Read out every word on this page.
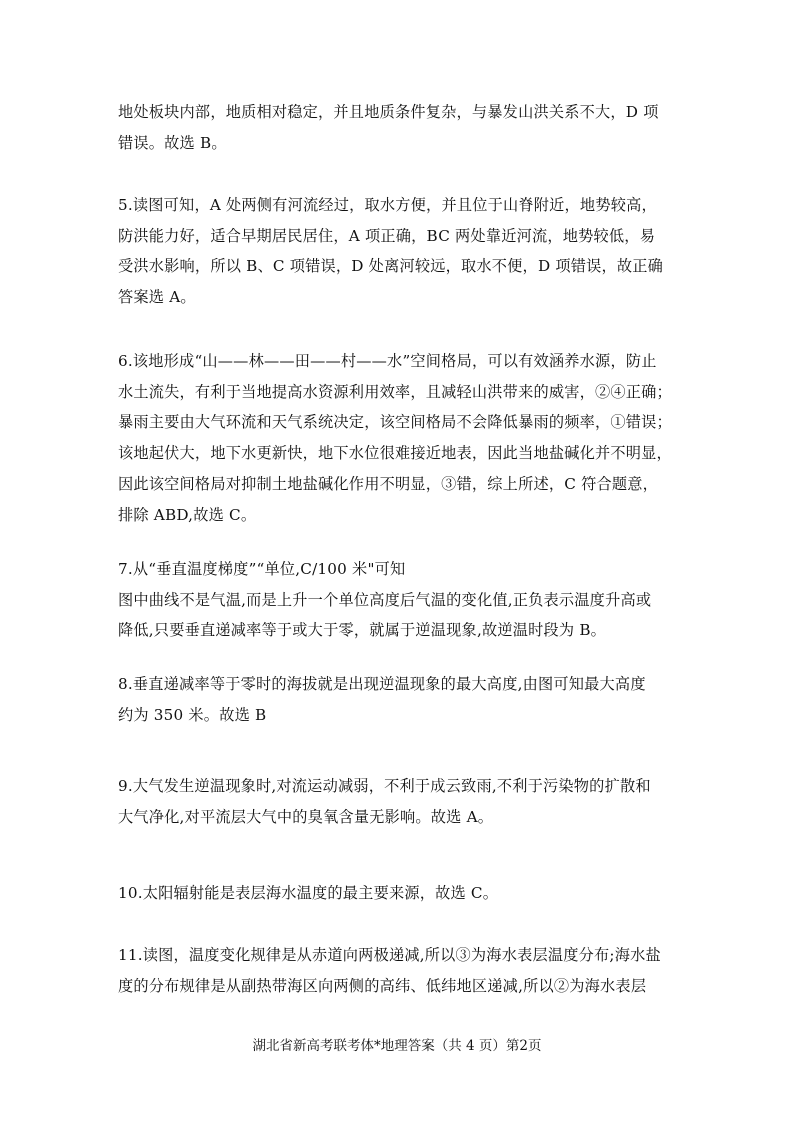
地处板块内部，地质相对稳定，并且地质条件复杂，与暴发山洪关系不大，D 项
错误。故选 B。
5.读图可知，A 处两侧有河流经过，取水方便，并且位于山脊附近，地势较高，
防洪能力好，适合早期居民居住，A 项正确，BC 两处靠近河流，地势较低，易
受洪水影响，所以 B、C 项错误，D 处离河较远，取水不便，D 项错误，故正确
答案选 A。
6.该地形成“山——林——田——村——水”空间格局，可以有效涵养水源，防止
水土流失，有利于当地提高水资源利用效率，且减轻山洪带来的威害，②④正确；
暴雨主要由大气环流和天气系统决定，该空间格局不会降低暴雨的频率，①错误；
该地起伏大，地下水更新快，地下水位很难接近地表，因此当地盐碱化并不明显，
因此该空间格局对抑制土地盐碱化作用不明显，③错，综上所述，C 符合题意，
排除 ABD,故选 C。
7.从“垂直温度梯度”“单位,C/100 米"可知
图中曲线不是气温,而是上升一个单位高度后气温的变化值,正负表示温度升高或
降低,只要垂直递减率等于或大于零，就属于逆温现象,故逆温时段为 B。
8.垂直递减率等于零时的海拔就是出现逆温现象的最大高度,由图可知最大高度
约为 350 米。故选 B
9.大气发生逆温现象时,对流运动减弱，不利于成云致雨,不利于污染物的扩散和
大气净化,对平流层大气中的臭氧含量无影响。故选 A。
10.太阳辐射能是表层海水温度的最主要来源，故选 C。
11.读图，温度变化规律是从赤道向两极递减,所以③为海水表层温度分布;海水盐
度的分布规律是从副热带海区向两侧的高纬、低纬地区递减,所以②为海水表层
湖北省新高考联考体*地理答案（共 4 页）第2页
